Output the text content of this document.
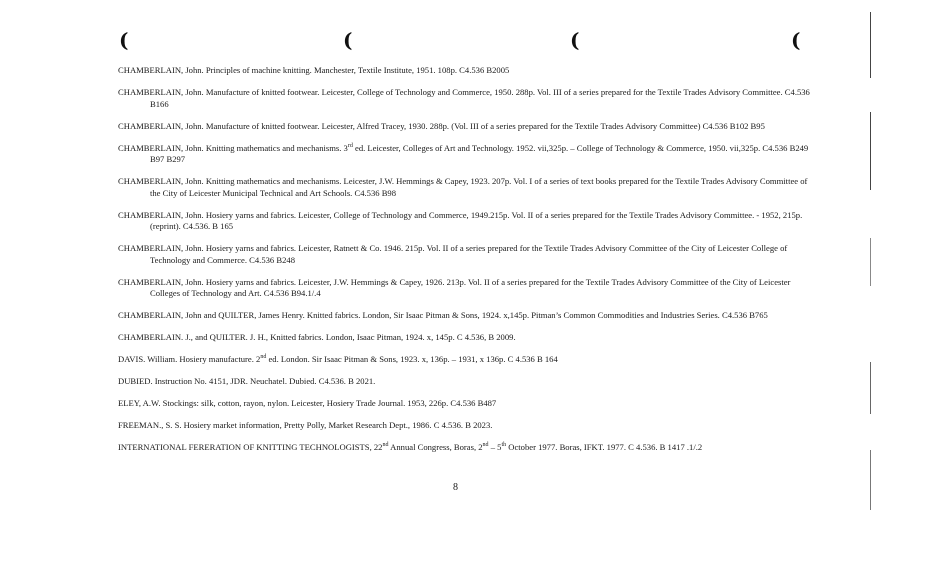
(	(	(	(

CHAMBERLAIN, John. Principles of machine knitting. Manchester, Textile Institute, 1951. 108p. C4.536 B2005

CHAMBERLAIN, John. Manufacture of knitted footwear. Leicester, College of Technology and Commerce, 1950. 288p. Vol. III of a series prepared for the Textile Trades Advisory Committee. C4.536 B166

CHAMBERLAIN, John. Manufacture of knitted footwear. Leicester, Alfred Tracey, 1930. 288p. (Vol. III of a series prepared for the Textile Trades Advisory Committee) C4.536 B102 B95

CHAMBERLAIN, John. Knitting mathematics and mechanisms. 3rd ed. Leicester, Colleges of Art and Technology. 1952. vii,325p. – College of Technology & Commerce, 1950. vii,325p. C4.536 B249 B97 B297

CHAMBERLAIN, John. Knitting mathematics and mechanisms. Leicester, J.W. Hemmings & Capey, 1923. 207p. Vol. I of a series of text books prepared for the Textile Trades Advisory Committee of the City of Leicester Municipal Technical and Art Schools. C4.536 B98

CHAMBERLAIN, John. Hosiery yarns and fabrics. Leicester, College of Technology and Commerce, 1949.215p. Vol. II of a series prepared for the Textile Trades Advisory Committee. - 1952, 215p. (reprint). C4.536. B 165

CHAMBERLAIN, John. Hosiery yarns and fabrics. Leicester, Ratnett & Co. 1946. 215p. Vol. II of a series prepared for the Textile Trades Advisory Committee of the City of Leicester College of Technology and Commerce. C4.536 B248

CHAMBERLAIN, John. Hosiery yarns and fabrics. Leicester, J.W. Hemmings & Capey, 1926. 213p. Vol. II of a series prepared for the Textile Trades Advisory Committee of the City of Leicester Colleges of Technology and Art. C4.536 B94.1/.4

CHAMBERLAIN, John and QUILTER, James Henry. Knitted fabrics. London, Sir Isaac Pitman & Sons, 1924. x,145p. Pitman’s Common Commodities and Industries Series. C4.536 B765

CHAMBERLAIN. J., and QUILTER. J. H., Knitted fabrics. London, Isaac Pitman, 1924. x, 145p. C 4.536, B 2009.

DAVIS. William. Hosiery manufacture. 2nd ed. London. Sir Isaac Pitman & Sons, 1923. x, 136p. – 1931, x 136p. C 4.536 B 164

DUBIED. Instruction No. 4151, JDR. Neuchatel. Dubied. C4.536. B 2021.

ELEY, A.W. Stockings: silk, cotton, rayon, nylon. Leicester, Hosiery Trade Journal. 1953, 226p. C4.536 B487

FREEMAN., S. S. Hosiery market information, Pretty Polly, Market Research Dept., 1986. C 4.536. B 2023.

INTERNATIONAL FERERATION OF KNITTING TECHNOLOGISTS, 22nd Annual Congress, Boras, 2nd – 5th October 1977. Boras, IFKT. 1977. C 4.536. B 1417 .1/.2

8
